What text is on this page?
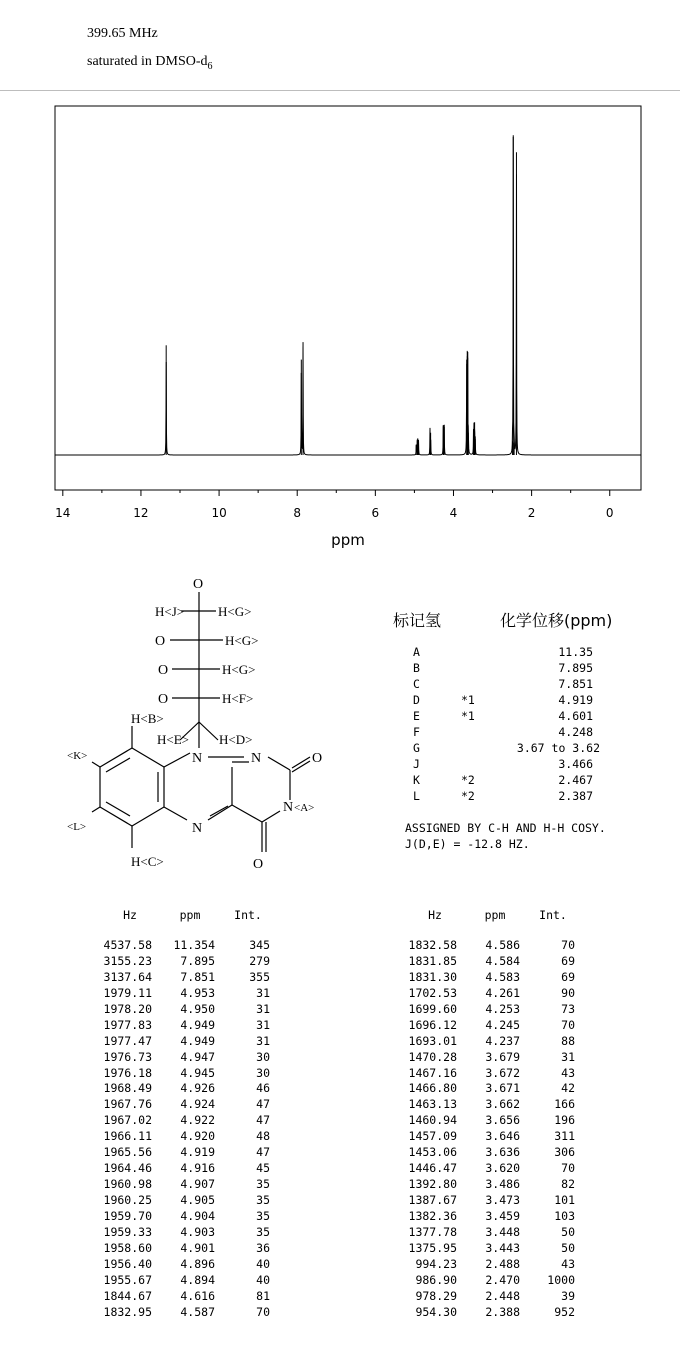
399.65 MHz
saturated in DMSO-$d_6$
14	12	10	8	6	4	2	0
ppm
O
H<J>	H<G>
O	H<G>
O	H<G>
O	H<F>
H<B>
H<E> H<D>
N	N	O
<K>
N <A>
<L>	N
H<C>	O
标记氢	化学位移(ppm)
A	11.35
B	7.895
C	7.851
D	*1	4.919
E	*1	4.601
F	4.248
G	3.67 to 3.62
J	3.466
K	*2	2.467
L	*2	2.387
ASSIGNED BY C-H AND H-H COSY.
J(D,E) = -12.8 HZ.
Hz	ppm	Int.
4537.58	11.354	345
3155.23	7.895	279
3137.64	7.851	355
1979.11	4.953	31
1978.20	4.950	31
1977.83	4.949	31
1977.47	4.949	31
1976.73	4.947	30
1976.18	4.945	30
1968.49	4.926	46
1967.76	4.924	47
1967.02	4.922	47
1966.11	4.920	48
1965.56	4.919	47
1964.46	4.916	45
1960.98	4.907	35
1960.25	4.905	35
1959.70	4.904	35
1959.33	4.903	35
1958.60	4.901	36
1956.40	4.896	40
1955.67	4.894	40
1844.67	4.616	81
1832.95	4.587	70
Hz	ppm	Int.
1832.58	4.586	70
1831.85	4.584	69
1831.30	4.583	69
1702.53	4.261	90
1699.60	4.253	73
1696.12	4.245	70
1693.01	4.237	88
1470.28	3.679	31
1467.16	3.672	43
1466.80	3.671	42
1463.13	3.662	166
1460.94	3.656	196
1457.09	3.646	311
1453.06	3.636	306
1446.47	3.620	70
1392.80	3.486	82
1387.67	3.473	101
1382.36	3.459	103
1377.78	3.448	50
1375.95	3.443	50
994.23	2.488	43
986.90	2.470	1000
978.29	2.448	39
954.30	2.388	952
